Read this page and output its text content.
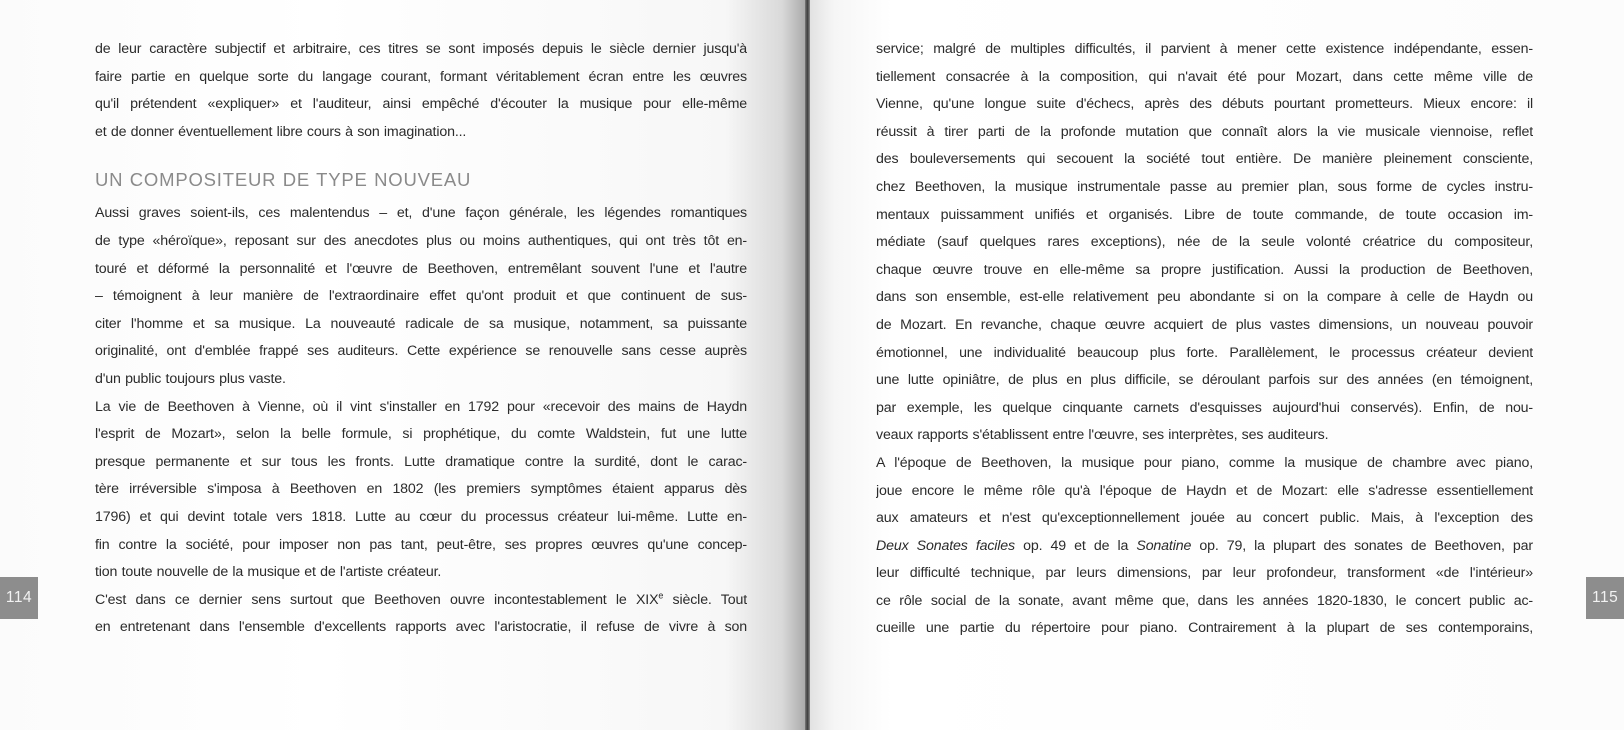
de leur caractère subjectif et arbitraire, ces titres se sont imposés depuis le siècle dernier jusqu'à
faire partie en quelque sorte du langage courant, formant véritablement écran entre les œuvres
qu'il prétendent «expliquer» et l'auditeur, ainsi empêché d'écouter la musique pour elle-même
et de donner éventuellement libre cours à son imagination...
UN COMPOSITEUR DE TYPE NOUVEAU
Aussi graves soient-ils, ces malentendus – et, d'une façon générale, les légendes romantiques
de type «héroïque», reposant sur des anecdotes plus ou moins authentiques, qui ont très tôt en-
touré et déformé la personnalité et l'œuvre de Beethoven, entremêlant souvent l'une et l'autre
– témoignent à leur manière de l'extraordinaire effet qu'ont produit et que continuent de sus-
citer l'homme et sa musique. La nouveauté radicale de sa musique, notamment, sa puissante
originalité, ont d'emblée frappé ses auditeurs. Cette expérience se renouvelle sans cesse auprès
d'un public toujours plus vaste.
La vie de Beethoven à Vienne, où il vint s'installer en 1792 pour «recevoir des mains de Haydn
l'esprit de Mozart», selon la belle formule, si prophétique, du comte Waldstein, fut une lutte
presque permanente et sur tous les fronts. Lutte dramatique contre la surdité, dont le carac-
tère irréversible s'imposa à Beethoven en 1802 (les premiers symptômes étaient apparus dès
1796) et qui devint totale vers 1818. Lutte au cœur du processus créateur lui-même. Lutte en-
fin contre la société, pour imposer non pas tant, peut-être, ses propres œuvres qu'une concep-
tion toute nouvelle de la musique et de l'artiste créateur.
C'est dans ce dernier sens surtout que Beethoven ouvre incontestablement le XIXe siècle. Tout
en entretenant dans l'ensemble d'excellents rapports avec l'aristocratie, il refuse de vivre à son
114	115
service; malgré de multiples difficultés, il parvient à mener cette existence indépendante, essen-
tiellement consacrée à la composition, qui n'avait été pour Mozart, dans cette même ville de
Vienne, qu'une longue suite d'échecs, après des débuts pourtant prometteurs. Mieux encore: il
réussit à tirer parti de la profonde mutation que connaît alors la vie musicale viennoise, reflet
des bouleversements qui secouent la société tout entière. De manière pleinement consciente,
chez Beethoven, la musique instrumentale passe au premier plan, sous forme de cycles instru-
mentaux puissamment unifiés et organisés. Libre de toute commande, de toute occasion im-
médiate (sauf quelques rares exceptions), née de la seule volonté créatrice du compositeur,
chaque œuvre trouve en elle-même sa propre justification. Aussi la production de Beethoven,
dans son ensemble, est-elle relativement peu abondante si on la compare à celle de Haydn ou
de Mozart. En revanche, chaque œuvre acquiert de plus vastes dimensions, un nouveau pouvoir
émotionnel, une individualité beaucoup plus forte. Parallèlement, le processus créateur devient
une lutte opiniâtre, de plus en plus difficile, se déroulant parfois sur des années (en témoignent,
par exemple, les quelque cinquante carnets d'esquisses aujourd'hui conservés). Enfin, de nou-
veaux rapports s'établissent entre l'œuvre, ses interprètes, ses auditeurs.
A l'époque de Beethoven, la musique pour piano, comme la musique de chambre avec piano,
joue encore le même rôle qu'à l'époque de Haydn et de Mozart: elle s'adresse essentiellement
aux amateurs et n'est qu'exceptionnellement jouée au concert public. Mais, à l'exception des
Deux Sonates faciles op. 49 et de la Sonatine op. 79, la plupart des sonates de Beethoven, par
leur difficulté technique, par leurs dimensions, par leur profondeur, transforment «de l'intérieur»
ce rôle social de la sonate, avant même que, dans les années 1820-1830, le concert public ac-
cueille une partie du répertoire pour piano. Contrairement à la plupart de ses contemporains,
